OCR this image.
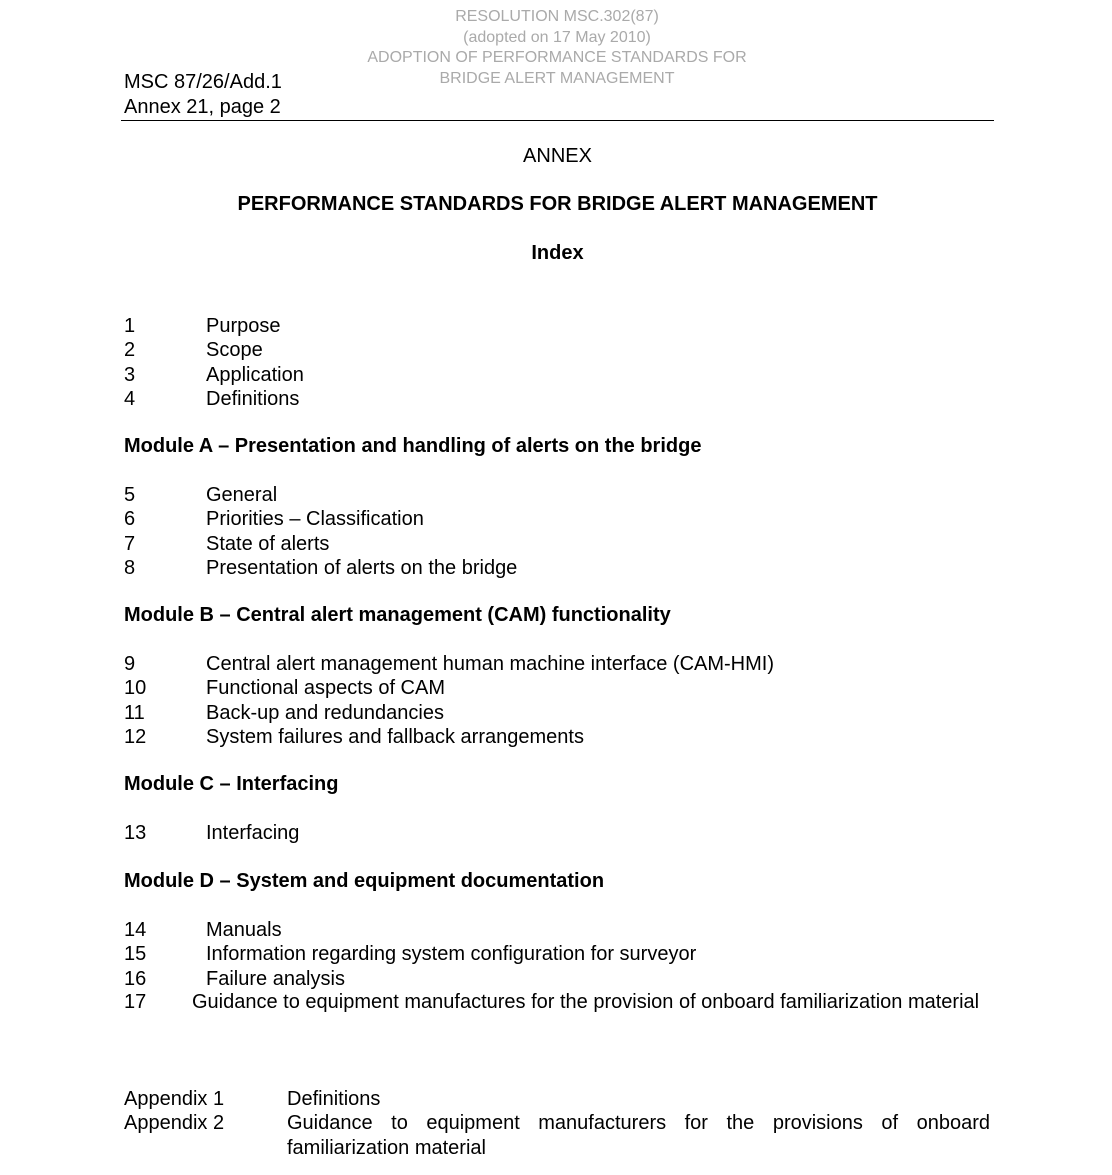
RESOLUTION MSC.302(87)
(adopted on 17 May 2010)
ADOPTION OF PERFORMANCE STANDARDS FOR
BRIDGE ALERT MANAGEMENT
MSC 87/26/Add.1
Annex 21, page 2
ANNEX
PERFORMANCE STANDARDS FOR BRIDGE ALERT MANAGEMENT
Index
1	Purpose
2	Scope
3	Application
4	Definitions
Module A – Presentation and handling of alerts on the bridge
5	General
6	Priorities – Classification
7	State of alerts
8	Presentation of alerts on the bridge
Module B – Central alert management (CAM) functionality
9	Central alert management human machine interface (CAM-HMI)
10	Functional aspects of CAM
11	Back-up and redundancies
12	System failures and fallback arrangements
Module C – Interfacing
13	Interfacing
Module D – System and equipment documentation
14	Manuals
15	Information regarding system configuration for surveyor
16	Failure analysis
17 Guidance to equipment manufactures for the provision of onboard familiarization material
Appendix 1	Definitions
Appendix 2	Guidance to equipment manufacturers for the provisions of onboard familiarization material
